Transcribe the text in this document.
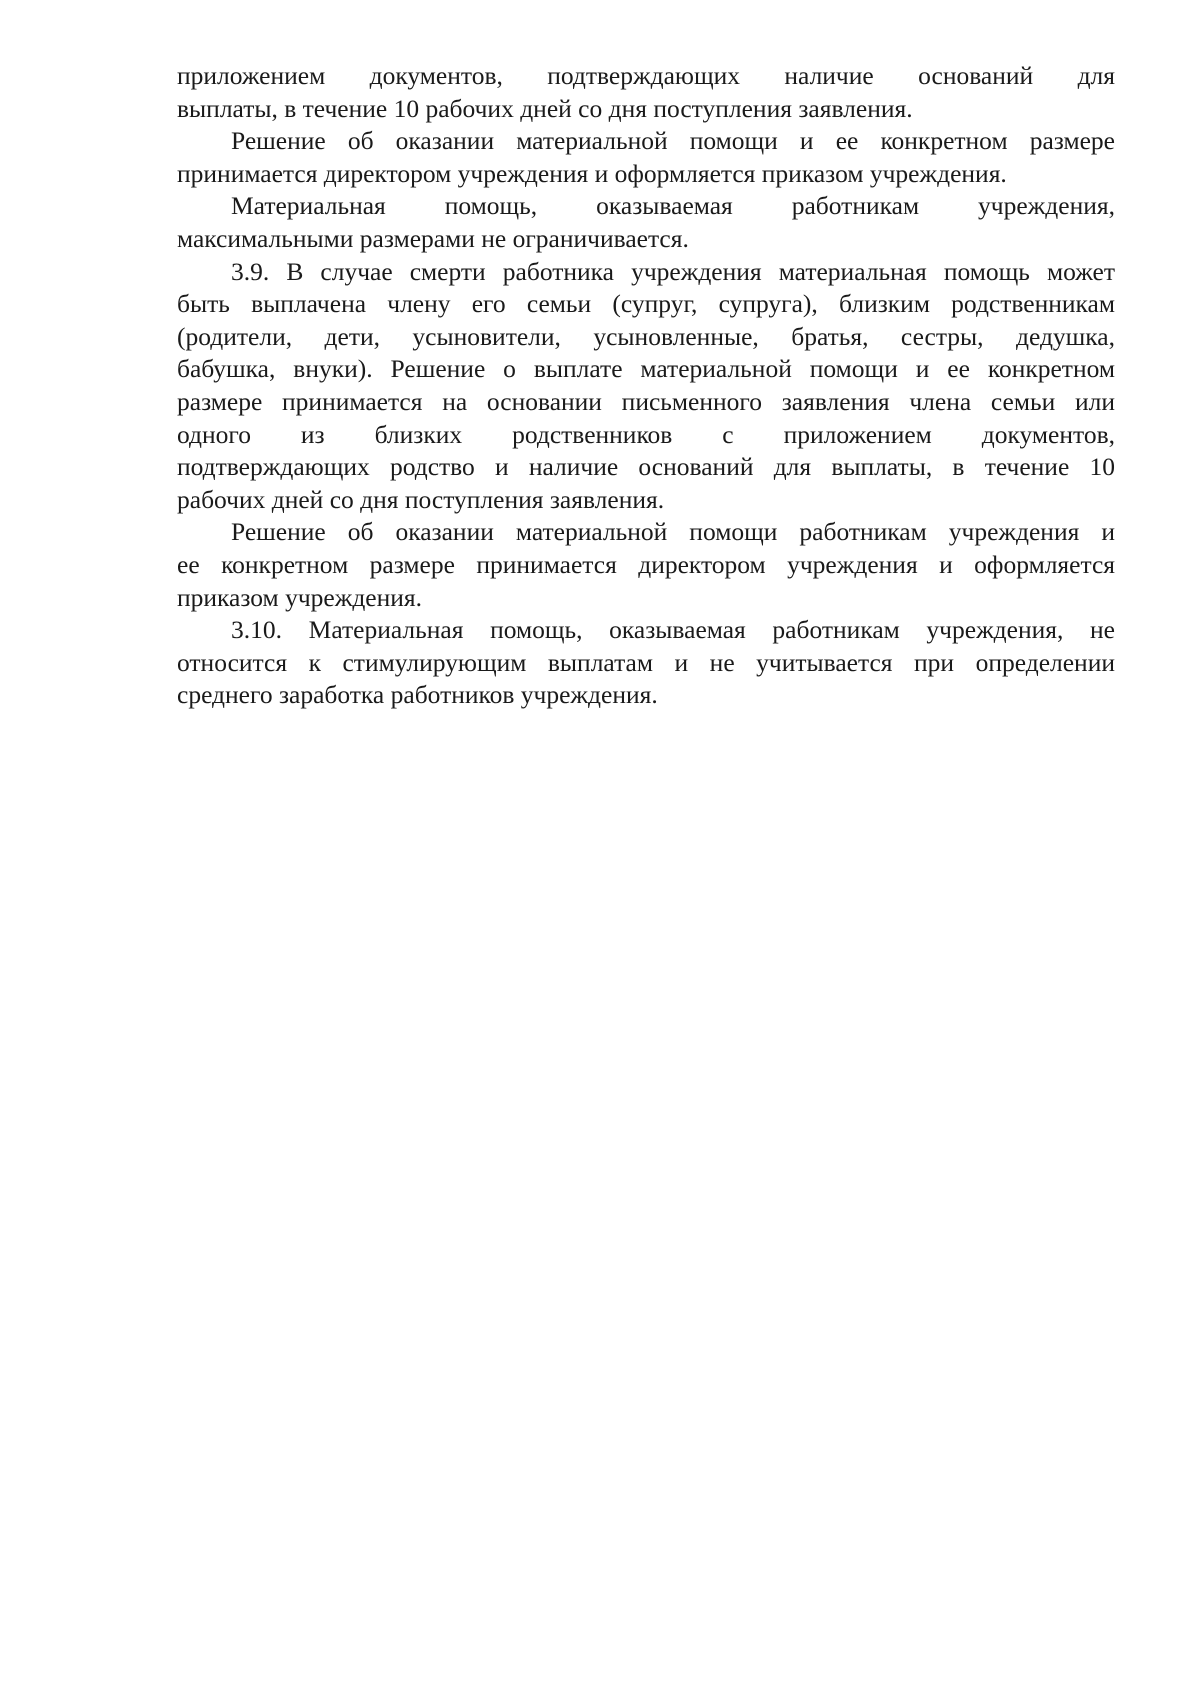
приложением документов, подтверждающих наличие оснований для
выплаты, в течение 10 рабочих дней со дня поступления заявления.
Решение об оказании материальной помощи и ее конкретном размере
принимается директором учреждения и оформляется приказом учреждения.
Материальная помощь, оказываемая работникам учреждения,
максимальными размерами не ограничивается.
3.9. В случае смерти работника учреждения материальная помощь может
быть выплачена члену его семьи (супруг, супруга), близким родственникам
(родители, дети, усыновители, усыновленные, братья, сестры, дедушка,
бабушка, внуки). Решение о выплате материальной помощи и ее конкретном
размере принимается на основании письменного заявления члена семьи или
одного из близких родственников с приложением документов,
подтверждающих родство и наличие оснований для выплаты, в течение 10
рабочих дней со дня поступления заявления.
Решение об оказании материальной помощи работникам учреждения и
ее конкретном размере принимается директором учреждения и оформляется
приказом учреждения.
3.10. Материальная помощь, оказываемая работникам учреждения, не
относится к стимулирующим выплатам и не учитывается при определении
среднего заработка работников учреждения.
